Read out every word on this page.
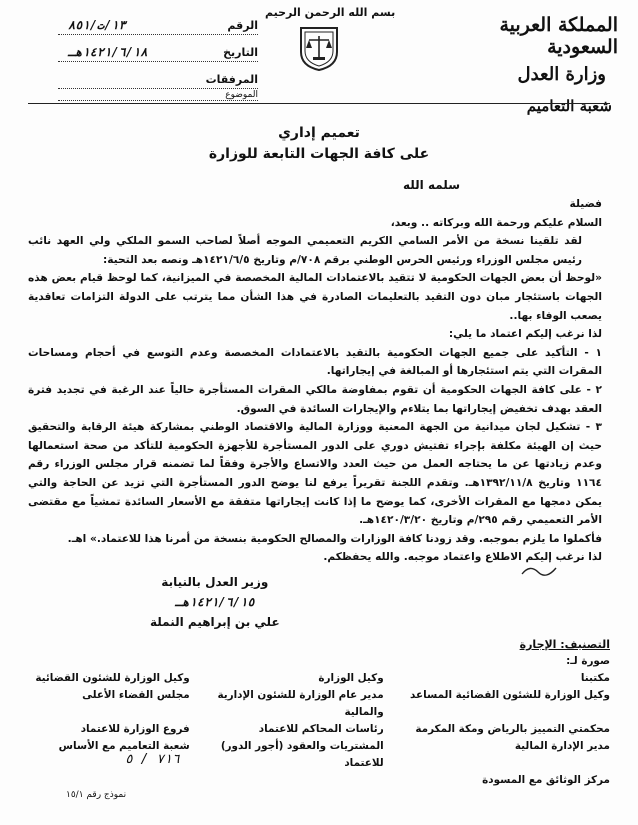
بسم الله الرحمن الرحيم
المملكة العربية السعودية
وزارة العدل
شعبة التعاميم
الرقم
١٣/ت/٨٥١
التاريخ
١٤٢١/٦/١٨هـ
المرفقات
الموضوع
تعميم إداري
على كافة الجهات التابعة للوزارة
سلمه الله

فضيلة

السلام عليكم ورحمة الله وبركاته .. وبعد،

لقد تلقينا نسخة من الأمر السامي الكريم التعميمي الموجه أصلاً لصاحب السمو الملكي ولي العهد نائب رئيس مجلس الوزراء ورئيس الحرس الوطني برقم ٧٠٨/م وتاريخ ١٤٢١/٦/٥هـ ونصه بعد التحية:

«لوحظ أن بعض الجهات الحكومية لا تتقيد بالاعتمادات المالية المخصصة في الميزانية، كما لوحظ قيام بعض هذه الجهات باستئجار مبان دون التقيد بالتعليمات الصادرة في هذا الشأن مما يترتب على الدولة التزامات تعاقدية يصعب الوفاء بها..

لذا نرغب إليكم اعتماد ما يلي:

١ - التأكيد على جميع الجهات الحكومية بالتقيد بالاعتمادات المخصصة وعدم التوسع في أحجام ومساحات المقرات التي يتم استئجارها أو المبالغة في إيجاراتها.

٢ - على كافة الجهات الحكومية أن تقوم بمفاوضة مالكي المقرات المستأجرة حالياً عند الرغبة في تجديد فترة العقد بهدف تخفيض إيجاراتها بما يتلاءم والإيجارات السائدة في السوق.

٣ - تشكيل لجان ميدانية من الجهة المعنية ووزارة المالية والاقتصاد الوطني بمشاركة هيئة الرقابة والتحقيق حيث إن الهيئة مكلفة بإجراء تفتيش دوري على الدور المستأجرة للأجهزة الحكومية للتأكد من صحة استعمالها وعدم زيادتها عن ما يحتاجه العمل من حيث العدد والاتساع والأجرة وفقاً لما تضمنه قرار مجلس الوزراء رقم ١١٦٤ وتاريخ ١٣٩٢/١١/٨هـ. وتقدم اللجنة تقريراً يرفع لنا يوضح الدور المستأجرة التي تزيد عن الحاجة والتي يمكن دمجها مع المقرات الأخرى، كما يوضح ما إذا كانت إيجاراتها متفقة مع الأسعار السائدة تمشياً مع مقتضى الأمر التعميمي رقم ٢٩٥/م وتاريخ ١٤٢٠/٣/٢٠هـ.

فأكملوا ما يلزم بموجبه. وقد زودنا كافة الوزارات والمصالح الحكومية بنسخة من أمرنا هذا للاعتماد.» اهـ.

لذا نرغب إليكم الاطلاع واعتماد موجبه. والله يحفظكم.

وزير العدل بالنيابة
١٤٢١/٦/١٥هـ
علي بن إبراهيم النملة
التصنيف: الإجارة
صورة لـ:
مكتبنا
وكيل الوزارة
وكيل الوزارة للشئون القضائية
وكيل الوزارة للشئون القضائية المساعد
مدير عام الوزارة للشئون الإدارية والمالية
مجلس القضاء الأعلى
محكمتي التمييز بالرياض ومكة المكرمة
رئاسات المحاكم للاعتماد
فروع الوزارة للاعتماد
مدير الإدارة المالية
المشتريات والعقود (أجور الدور) للاعتماد
شعبة التعاميم مع الأساس
مركز الوثائق مع المسودة
٧١٦ / ٥
نموذج رقم ١٥/١
